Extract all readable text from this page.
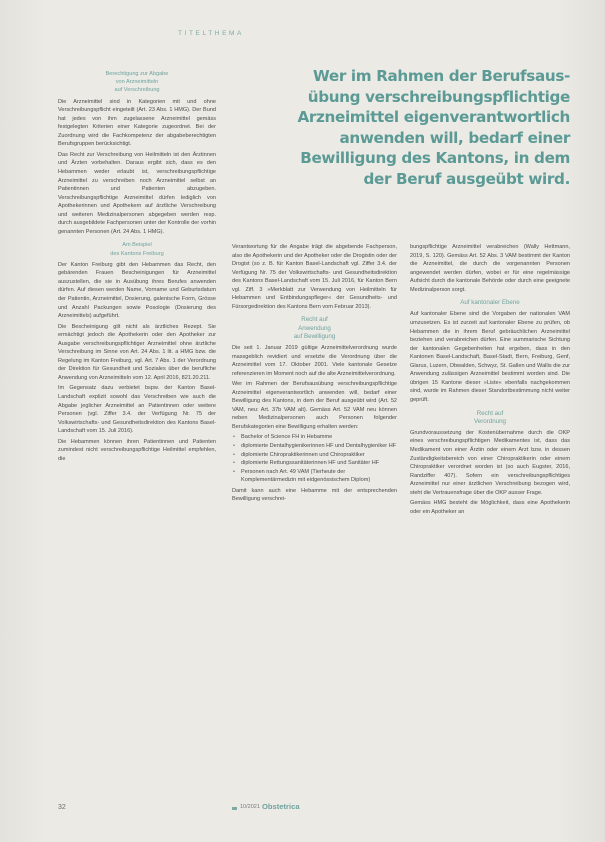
TITELTHEMA
Wer im Rahmen der Berufsaus-
übung verschreibungspflichtige
Arzneimittel eigenverantwortlich
anwenden will, bedarf einer
Bewilligung des Kantons, in dem
der Beruf ausgeübt wird.
Berechtigung zur Abgabe
von Arzneimitteln
auf Verschreibung

Die Arzneimittel sind in Kategorien mit und ohne Verschreibungspflicht eingeteilt (Art. 23 Abs. 1 HMG). Der Bund hat jedes von ihm zugelassene Arzneimittel gemäss festgelegten Kriterien einer Kategorie zugeordnet. Bei der Zuordnung wird die Fachkompetenz der abgabeberechtigten Berufsgruppen berücksichtigt.

Das Recht zur Verschreibung von Heilmitteln ist den Ärztinnen und Ärzten vorbehalten. Daraus ergibt sich, dass es den Hebammen weder erlaubt ist, verschreibungspflichtige Arzneimittel zu verschreiben noch Arzneimittel selbst an Patientinnen und Patienten abzugeben. Verschreibungspflichtige Arzneimittel dürfen lediglich von Apothekerinnen und Apothekern auf ärztliche Verschreibung und weiteren Medizinalpersonen abgegeben werden resp. durch ausgebildete Fachpersonen unter der Kontrolle der vorhin genannten Personen (Art. 24 Abs. 1 HMG).

Am Beispiel
des Kantons Freiburg

Der Kanton Freiburg gibt den Hebammen das Recht, den gebärenden Frauen Bescheinigungen für Arzneimittel auszustellen, die sie in Ausübung ihres Berufes anwenden dürfen. Auf diesen werden Name, Vorname und Geburtsdatum der Patientin, Arzneimittel, Dosierung, galenische Form, Grösse und Anzahl Packungen sowie Posologie (Dosierung des Arzneimittels) aufgeführt.

Die Bescheinigung gilt nicht als ärztliches Rezept. Sie ermächtigt jedoch die Apothekerin oder den Apotheker zur Ausgabe verschreibungspflichtiger Arzneimittel ohne ärztliche Verschreibung im Sinne von Art. 24 Abs. 1 lit. a HMG bzw. die Regelung im Kanton Freiburg, vgl. Art. 7 Abs. 1 der Verordnung der Direktion für Gesundheit und Soziales über die berufliche Anwendung von Arzneimitteln vom 12. April 2016, 821.20.211.

Im Gegensatz dazu verbietet bspw. der Kanton Basel-Landschaft explizit sowohl das Verschreiben wie auch die Abgabe jeglicher Arzneimittel an Patientinnen oder weitere Personen (vgl. Ziffer 3.4. der Verfügung Nr. 75 der Volkswirtschafts- und Gesundheitsdirektion des Kantons Basel-Landschaft vom 15. Juli 2016).

Die Hebammen können ihren Patientinnen und Patienten zumindest nicht verschreibungspflichtige Heilmittel empfehlen, die

Verantwortung für die Angabe trägt die abgebende Fachperson, also die Apothekerin und der Apotheker oder die Drogistin oder der Drogist (so z. B. für Kanton Basel-Landschaft vgl. Ziffer 3.4. der Verfügung Nr. 75 der Volkswirtschafts- und Gesundheitsdirektion des Kantons Basel-Landschaft vom 15. Juli 2016, für Kanton Bern vgl. Ziff. 3 »Merkblatt zur Verwendung von Heilmitteln für Hebammen und Entbindungspfleger« der Gesundheits- und Fürsorgedirektion des Kantons Bern vom Februar 2013).

Recht auf
Anwendung
auf Bewilligung

Die seit 1. Januar 2019 gültige Arzneimittelverordnung wurde massgeblich revidiert und ersetzte die Verordnung über die Arzneimittel vom 17. Oktober 2001. Viele kantonale Gesetze referenzieren im Moment noch auf die alte Arzneimittelverordnung.

Wer im Rahmen der Berufsausübung verschreibungspflichtige Arzneimittel eigenverantwortlich anwenden will, bedarf einer Bewilligung des Kantons, in dem der Beruf ausgeübt wird (Art. 52 VAM, neu: Art. 37b VAM alt). Gemäss Art. 52 VAM neu können neben Medizinalpersonen auch Personen folgender Berufskategorien eine Bewilligung erhalten werden:

• Bachelor of Science FH in Hebamme
• diplomierte Dentalhygienikerinnen HF und Dentalhygieniker HF
• diplomierte Chiropraktikerinnen und Chiropraktiker
• diplomierte Rettungssanitäterinnen HF und Sanitäter HF
• Personen nach Art. 49 VAM (Tierheute der Komplementärmedizin mit eidgenössischem Diplom)

Damit kann auch eine Hebamme mit der entsprechenden Bewilligung verschrei-

bungspflichtige Arzneimittel verabreichen (Wally Hettmann, 2019, S. 120). Gemäss Art. 52 Abs. 3 VAM bestimmt der Kanton die Arzneimittel, die durch die vorgenannten Personen angewendet werden dürfen, wobei er für eine regelmässige Aufsicht durch die kantonale Behörde oder durch eine geeignete Medizinalperson sorgt.

Auf kantonaler Ebene

Auf kantonaler Ebene sind die Vorgaben der nationalen VAM umzusetzen. Es ist zurzeit auf kantonaler Ebene zu prüfen, ob Hebammen die in ihrem Beruf gebräuchlichen Arzneimittel beziehen und verabreichen dürfen. Eine summarische Sichtung der kantonalen Gegebenheiten hat ergeben, dass in den Kantonen Basel-Landschaft, Basel-Stadt, Bern, Freiburg, Genf, Glarus, Luzern, Obwalden, Schwyz, St. Gallen und Wallis die zur Anwendung zulässigen Arzneimittel bestimmt worden sind. Die übrigen 15 Kantone dieser »Liste« ebenfalls nachgekommen sind, wurde im Rahmen dieser Standortbestimmung nicht weiter geprüft.

Recht auf
Verordnung

Grundvoraussetzung der Kostenübernahme durch die OKP eines verschreibungspflichtigen Medikamentes ist, dass das Medikament von einer Ärztin oder einem Arzt bzw. in dessen Zuständigkeitsbereich von einer Chiropraktikerin oder einem Chiropraktiker verordnet worden ist (so auch Eugster, 2016, Randziffer 407). Sofern ein verschreibungspflichtiges Arzneimittel nur einer ärztlichen Verschreibung bezogen wird, steht die Vertrauensfrage über die OKP ausser Frage.

Gemäss HMG besteht die Möglichkeit, dass eine Apothekerin oder ein Apotheker an

32	10/2021 Obstetrica
